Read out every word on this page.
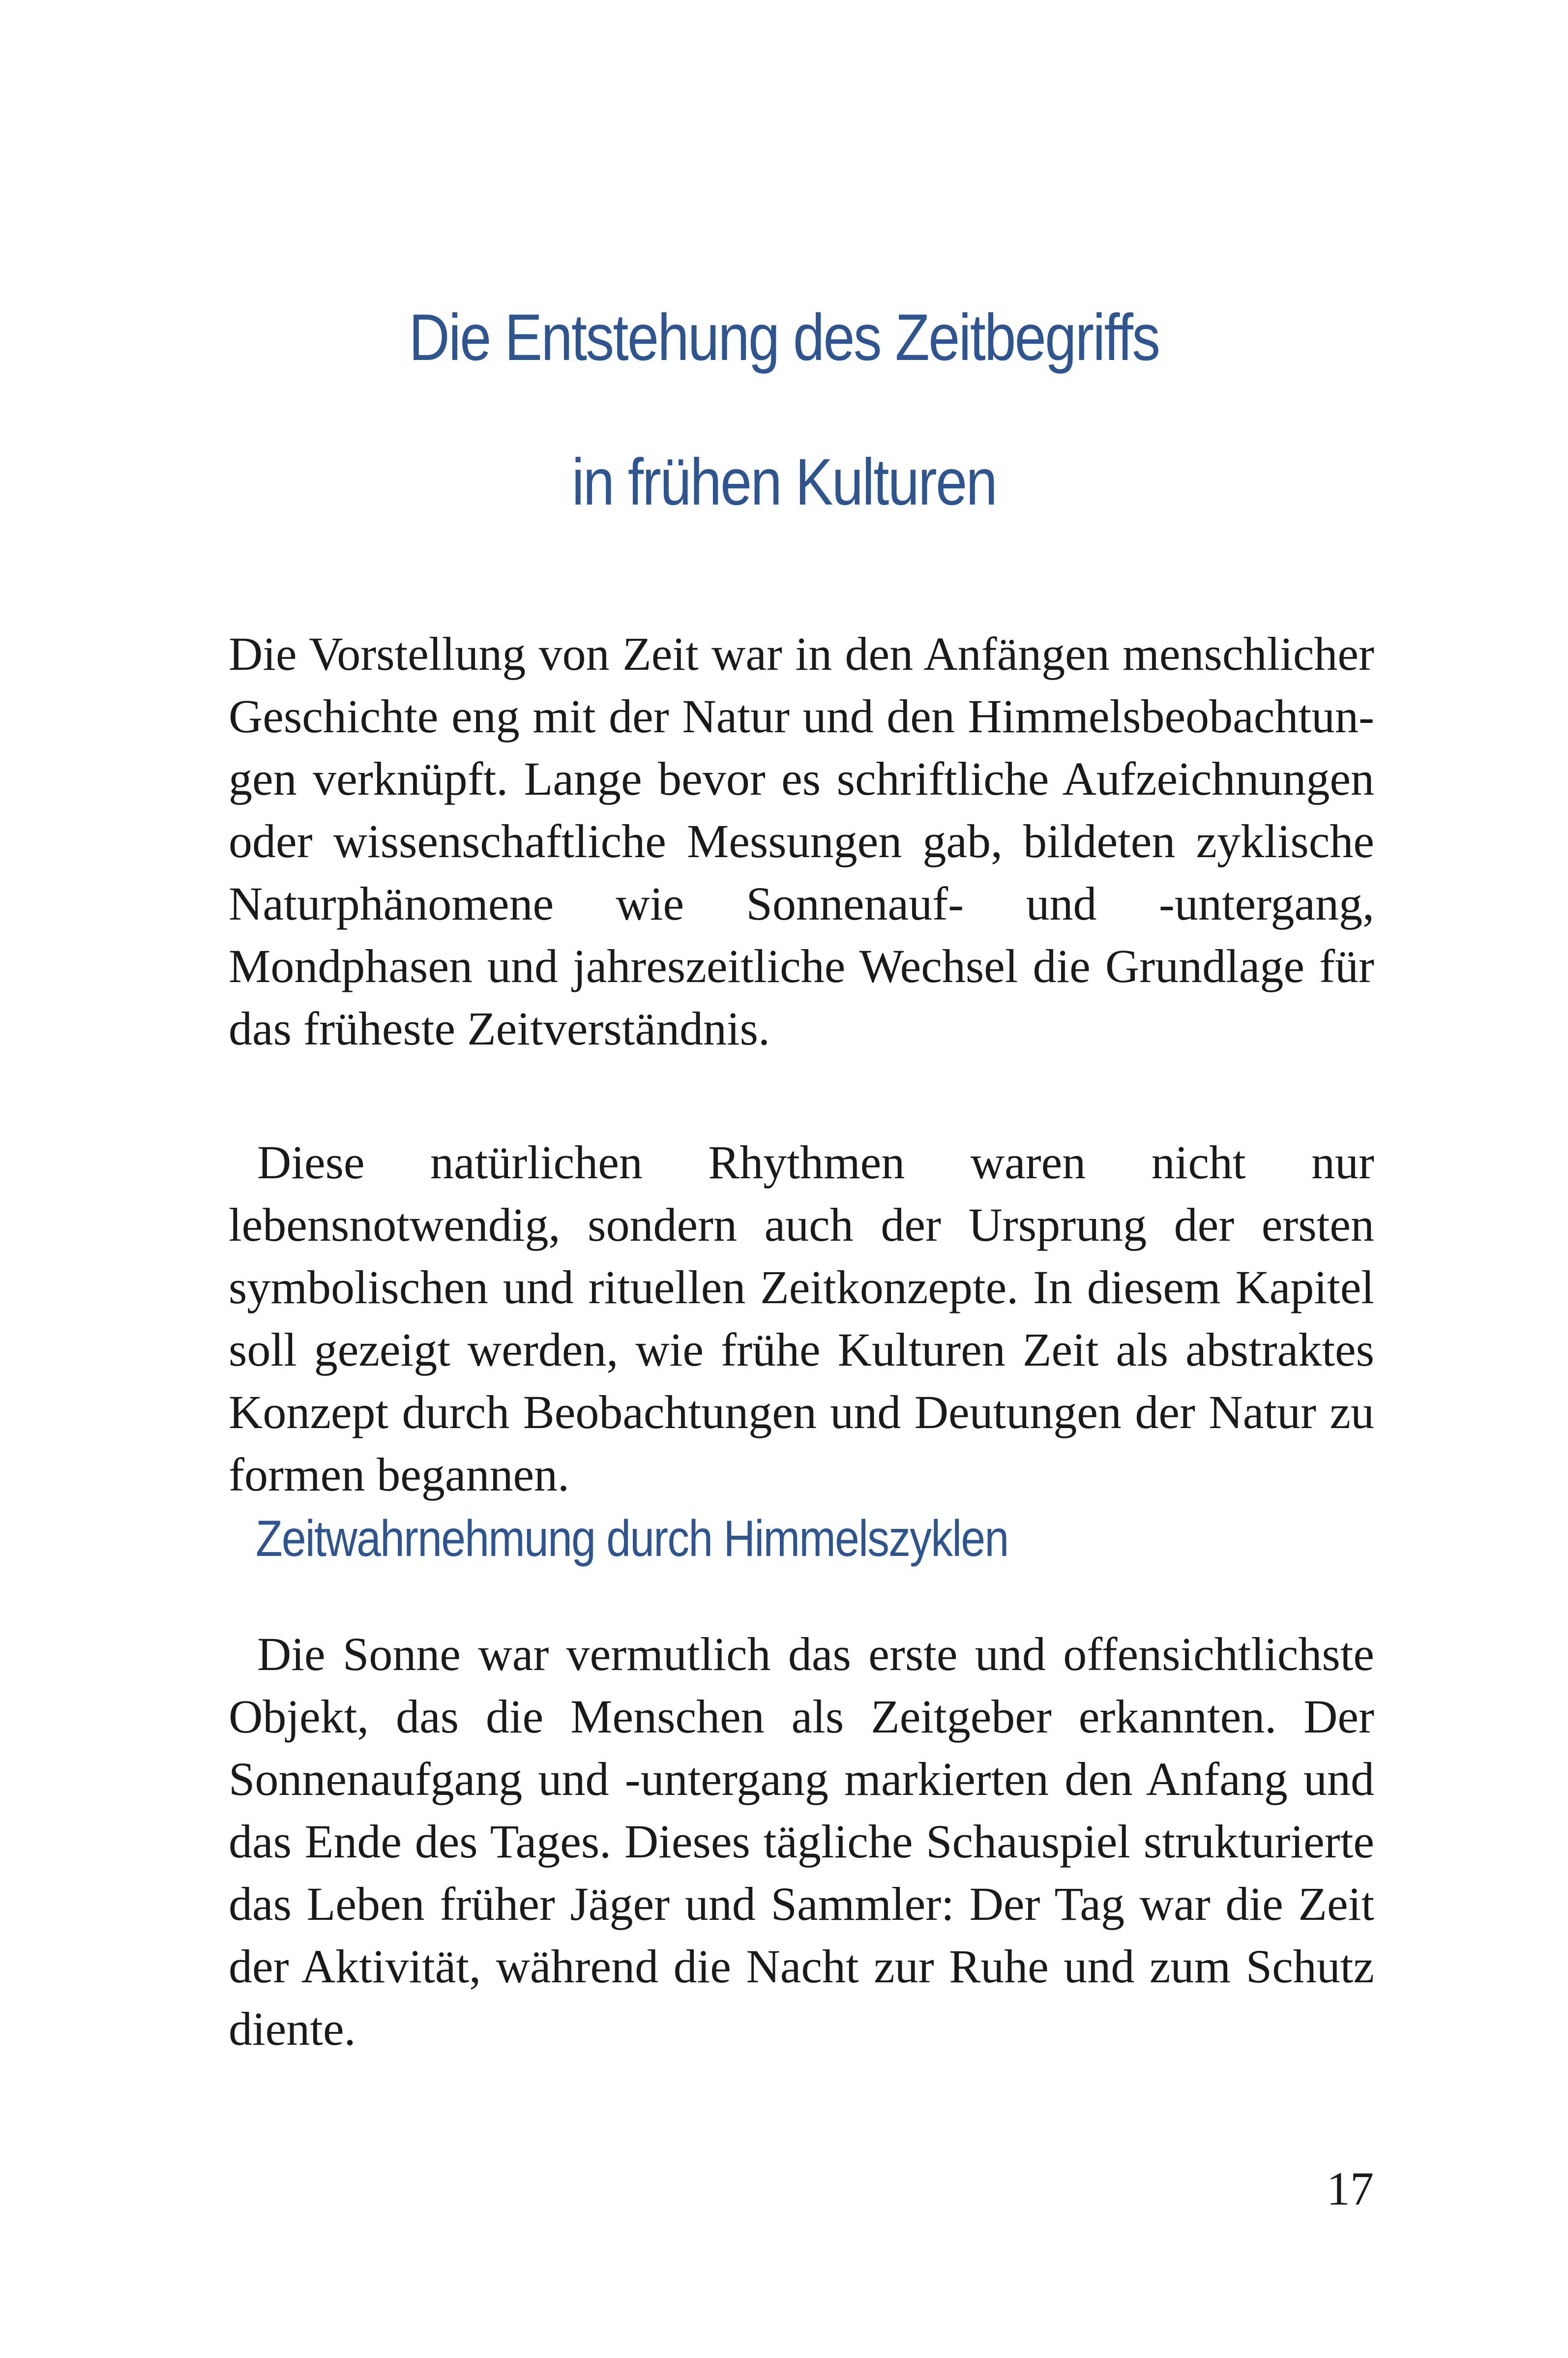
Die Entstehung des Zeitbegriffs
in frühen Kulturen

Die Vorstellung von Zeit war in den Anfängen menschlicher Geschichte eng mit der Natur und den Himmelsbeobachtungen verknüpft. Lange bevor es schriftliche Aufzeichnungen oder wissenschaftliche Messungen gab, bildeten zyklische Naturphänomene wie Sonnenauf- und -untergang, Mondphasen und jahreszeitliche Wechsel die Grundlage für das früheste Zeitverständnis.

Diese natürlichen Rhythmen waren nicht nur lebensnotwendig, sondern auch der Ursprung der ersten symbolischen und rituellen Zeitkonzepte. In diesem Kapitel soll gezeigt werden, wie frühe Kulturen Zeit als abstraktes Konzept durch Beobachtungen und Deutungen der Natur zu formen begannen.

Zeitwahrnehmung durch Himmelszyklen

Die Sonne war vermutlich das erste und offensichtlichste Objekt, das die Menschen als Zeitgeber erkannten. Der Sonnenaufgang und -untergang markierten den Anfang und das Ende des Tages. Dieses tägliche Schauspiel strukturierte das Leben früher Jäger und Sammler: Der Tag war die Zeit der Aktivität, während die Nacht zur Ruhe und zum Schutz diente.

17
